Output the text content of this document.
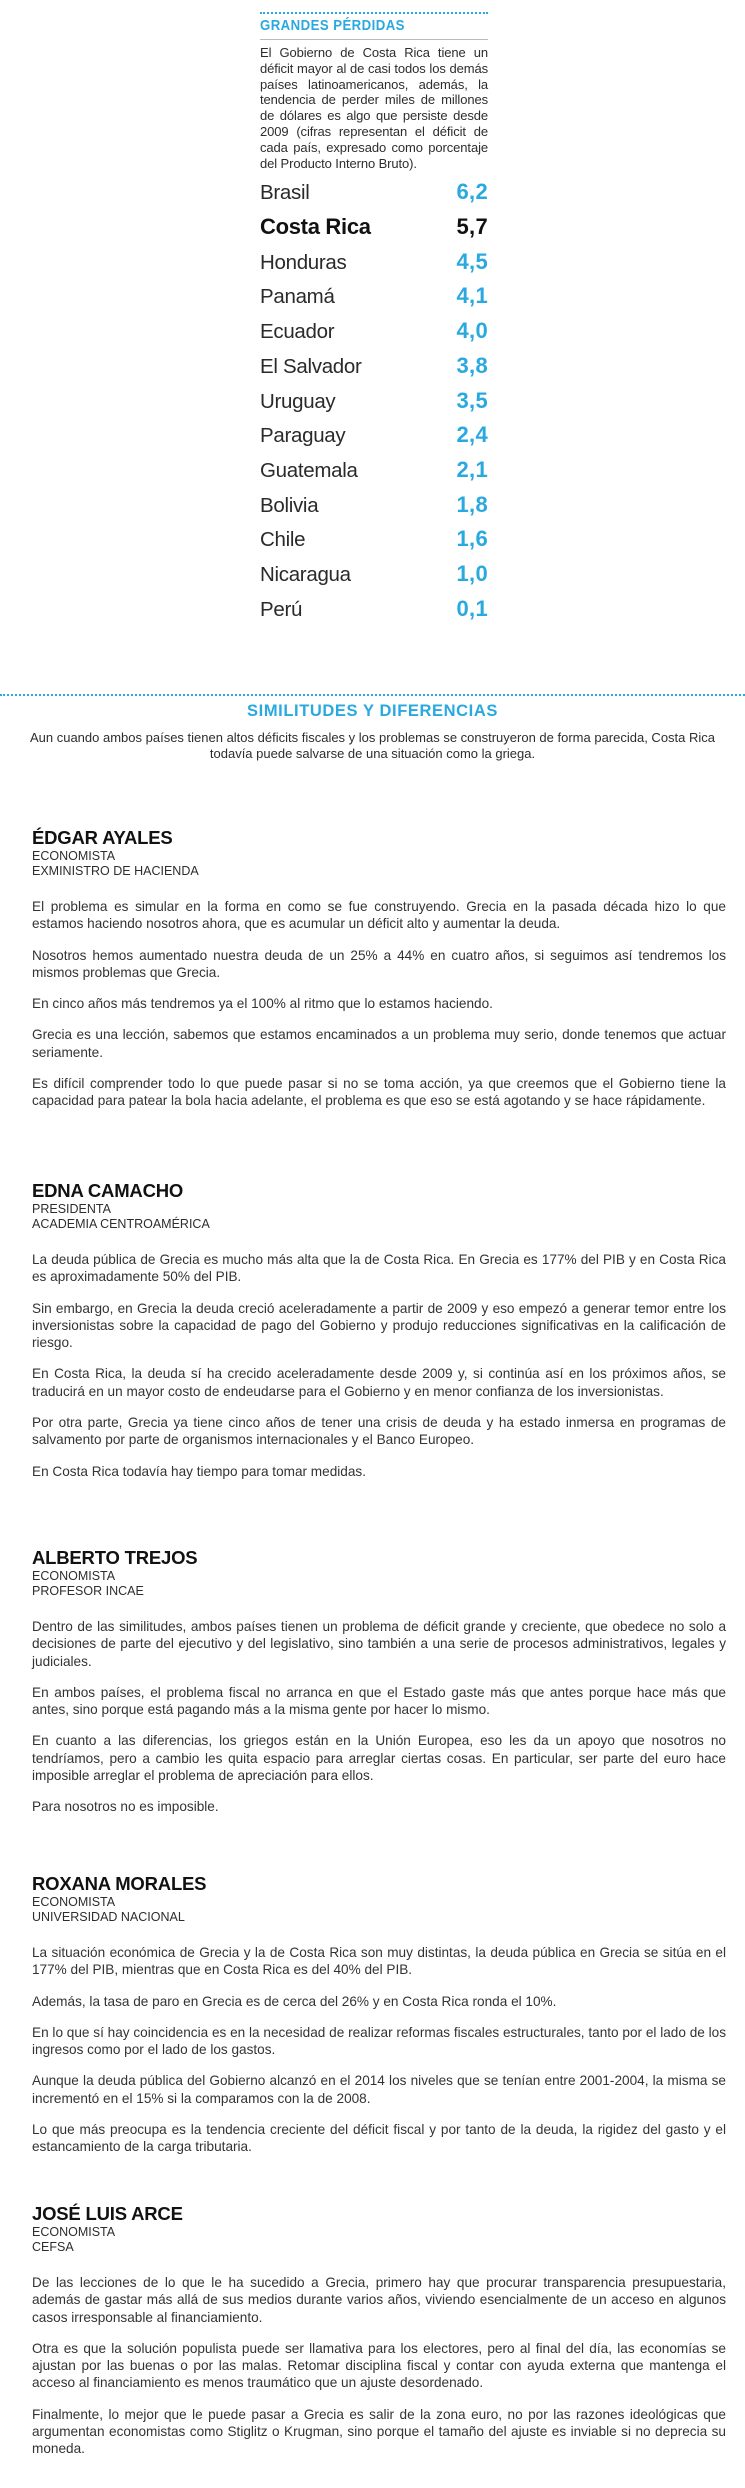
GRANDES PÉRDIDAS

El Gobierno de Costa Rica tiene un déficit mayor al de casi todos los demás países latinoamericanos, además, la tendencia de perder miles de millones de dólares es algo que persiste desde 2009 (cifras representan el déficit de cada país, expresado como porcentaje del Producto Interno Bruto).

Brasil	6,2
Costa Rica	5,7
Honduras	4,5
Panamá	4,1
Ecuador	4,0
El Salvador	3,8
Uruguay	3,5
Paraguay	2,4
Guatemala	2,1
Bolivia	1,8
Chile	1,6
Nicaragua	1,0
Perú	0,1
SIMILITUDES Y DIFERENCIAS

Aun cuando ambos países tienen altos déficits fiscales y los problemas se construyeron de forma parecida, Costa Rica todavía puede salvarse de una situación como la griega.

ÉDGAR AYALES
ECONOMISTA
EXMINISTRO DE HACIENDA

El problema es simular en la forma en como se fue construyendo. Grecia en la pasada década hizo lo que estamos haciendo nosotros ahora, que es acumular un déficit alto y aumentar la deuda.

Nosotros hemos aumentado nuestra deuda de un 25% a 44% en cuatro años, si seguimos así tendremos los mismos problemas que Grecia.

En cinco años más tendremos ya el 100% al ritmo que lo estamos haciendo.

Grecia es una lección, sabemos que estamos encaminados a un problema muy serio, donde tenemos que actuar seriamente.

Es difícil comprender todo lo que puede pasar si no se toma acción, ya que creemos que el Gobierno tiene la capacidad para patear la bola hacia adelante, el problema es que eso se está agotando y se hace rápidamente.

EDNA CAMACHO
PRESIDENTA
ACADEMIA CENTROAMÉRICA

La deuda pública de Grecia es mucho más alta que la de Costa Rica. En Grecia es 177% del PIB y en Costa Rica es aproximadamente 50% del PIB.

Sin embargo, en Grecia la deuda creció aceleradamente a partir de 2009 y eso empezó a generar temor entre los inversionistas sobre la capacidad de pago del Gobierno y produjo reducciones significativas en la calificación de riesgo.

En Costa Rica, la deuda sí ha crecido aceleradamente desde 2009 y, si continúa así en los próximos años, se traducirá en un mayor costo de endeudarse para el Gobierno y en menor confianza de los inversionistas.

Por otra parte, Grecia ya tiene cinco años de tener una crisis de deuda y ha estado inmersa en programas de salvamento por parte de organismos internacionales y el Banco Europeo.

En Costa Rica todavía hay tiempo para tomar medidas.

ALBERTO TREJOS
ECONOMISTA
PROFESOR INCAE

Dentro de las similitudes, ambos países tienen un problema de déficit grande y creciente, que obedece no solo a decisiones de parte del ejecutivo y del legislativo, sino también a una serie de procesos administrativos, legales y judiciales.

En ambos países, el problema fiscal no arranca en que el Estado gaste más que antes porque hace más que antes, sino porque está pagando más a la misma gente por hacer lo mismo.

En cuanto a las diferencias, los griegos están en la Unión Europea, eso les da un apoyo que nosotros no tendríamos, pero a cambio les quita espacio para arreglar ciertas cosas. En particular, ser parte del euro hace imposible arreglar el problema de apreciación para ellos.

Para nosotros no es imposible.

ROXANA MORALES
ECONOMISTA
UNIVERSIDAD NACIONAL

La situación económica de Grecia y la de Costa Rica son muy distintas, la deuda pública en Grecia se sitúa en el 177% del PIB, mientras que en Costa Rica es del 40% del PIB.

Además, la tasa de paro en Grecia es de cerca del 26% y en Costa Rica ronda el 10%.

En lo que sí hay coincidencia es en la necesidad de realizar reformas fiscales estructurales, tanto por el lado de los ingresos como por el lado de los gastos.

Aunque la deuda pública del Gobierno alcanzó en el 2014 los niveles que se tenían entre 2001-2004, la misma se incrementó en el 15% si la comparamos con la de 2008.

Lo que más preocupa es la tendencia creciente del déficit fiscal y por tanto de la deuda, la rigidez del gasto y el estancamiento de la carga tributaria.

JOSÉ LUIS ARCE
ECONOMISTA
CEFSA

De las lecciones de lo que le ha sucedido a Grecia, primero hay que procurar transparencia presupuestaria, además de gastar más allá de sus medios durante varios años, viviendo esencialmente de un acceso en algunos casos irresponsable al financiamiento.

Otra es que la solución populista puede ser llamativa para los electores, pero al final del día, las economías se ajustan por las buenas o por las malas. Retomar disciplina fiscal y contar con ayuda externa que mantenga el acceso al financiamiento es menos traumático que un ajuste desordenado.

Finalmente, lo mejor que le puede pasar a Grecia es salir de la zona euro, no por las razones ideológicas que argumentan economistas como Stiglitz o Krugman, sino porque el tamaño del ajuste es inviable si no deprecia su moneda.
